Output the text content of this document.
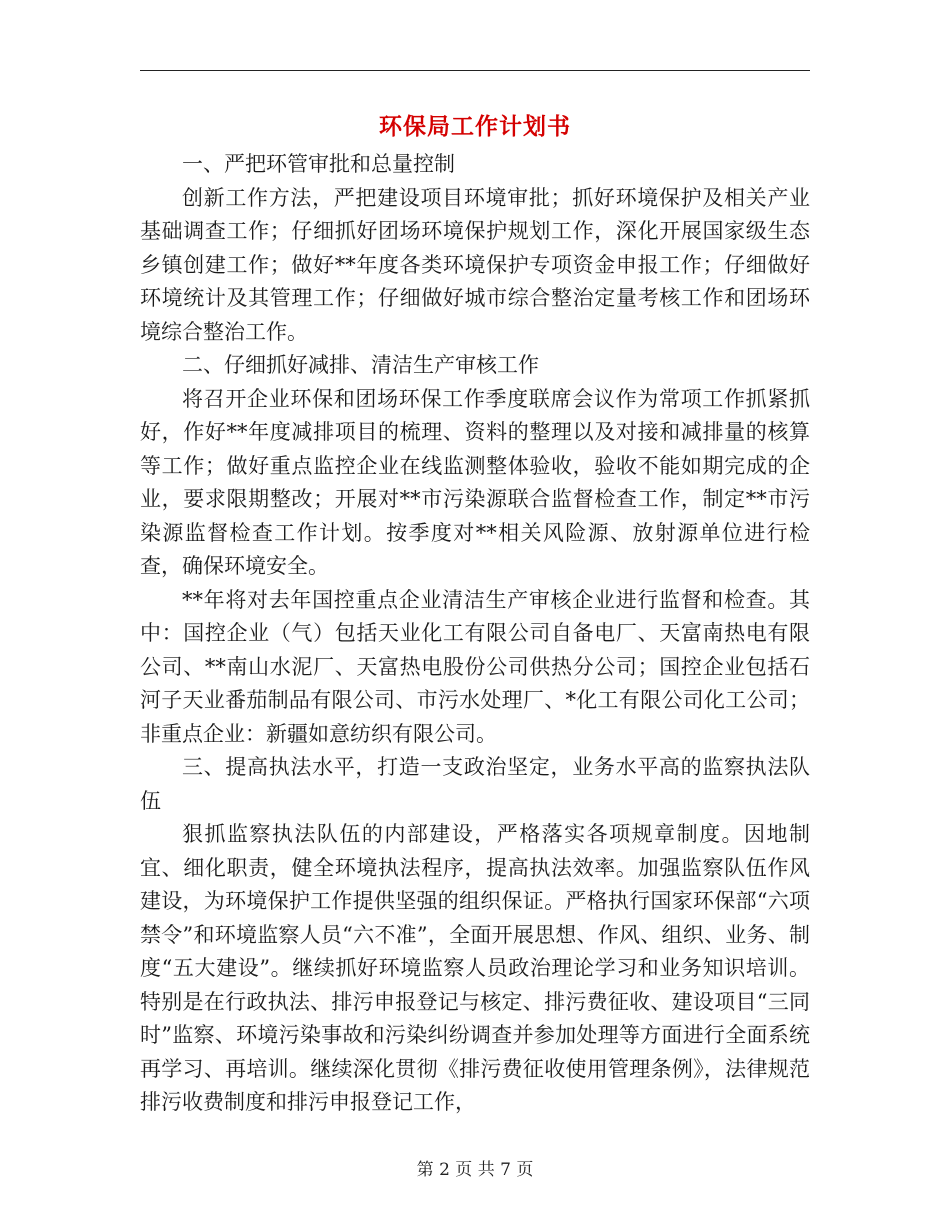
环保局工作计划书

一、严把环管审批和总量控制

创新工作方法，严把建设项目环境审批；抓好环境保护及相关产业基础调查工作；仔细抓好团场环境保护规划工作，深化开展国家级生态乡镇创建工作；做好**年度各类环境保护专项资金申报工作；仔细做好环境统计及其管理工作；仔细做好城市综合整治定量考核工作和团场环境综合整治工作。

二、仔细抓好减排、清洁生产审核工作

将召开企业环保和团场环保工作季度联席会议作为常项工作抓紧抓好，作好**年度减排项目的梳理、资料的整理以及对接和减排量的核算等工作；做好重点监控企业在线监测整体验收，验收不能如期完成的企业，要求限期整改；开展对**市污染源联合监督检查工作，制定**市污染源监督检查工作计划。按季度对**相关风险源、放射源单位进行检查，确保环境安全。

**年将对去年国控重点企业清洁生产审核企业进行监督和检查。其中：国控企业（气）包括天业化工有限公司自备电厂、天富南热电有限公司、**南山水泥厂、天富热电股份公司供热分公司；国控企业包括石河子天业番茄制品有限公司、市污水处理厂、*化工有限公司化工公司；非重点企业：新疆如意纺织有限公司。

三、提高执法水平，打造一支政治坚定，业务水平高的监察执法队伍

狠抓监察执法队伍的内部建设，严格落实各项规章制度。因地制宜、细化职责，健全环境执法程序，提高执法效率。加强监察队伍作风建设，为环境保护工作提供坚强的组织保证。严格执行国家环保部“六项禁令”和环境监察人员“六不准”，全面开展思想、作风、组织、业务、制度“五大建设”。继续抓好环境监察人员政治理论学习和业务知识培训。特别是在行政执法、排污申报登记与核定、排污费征收、建设项目“三同时”监察、环境污染事故和污染纠纷调查并参加处理等方面进行全面系统再学习、再培训。继续深化贯彻《排污费征收使用管理条例》，法律规范排污收费制度和排污申报登记工作，

第 2 页 共 7 页
